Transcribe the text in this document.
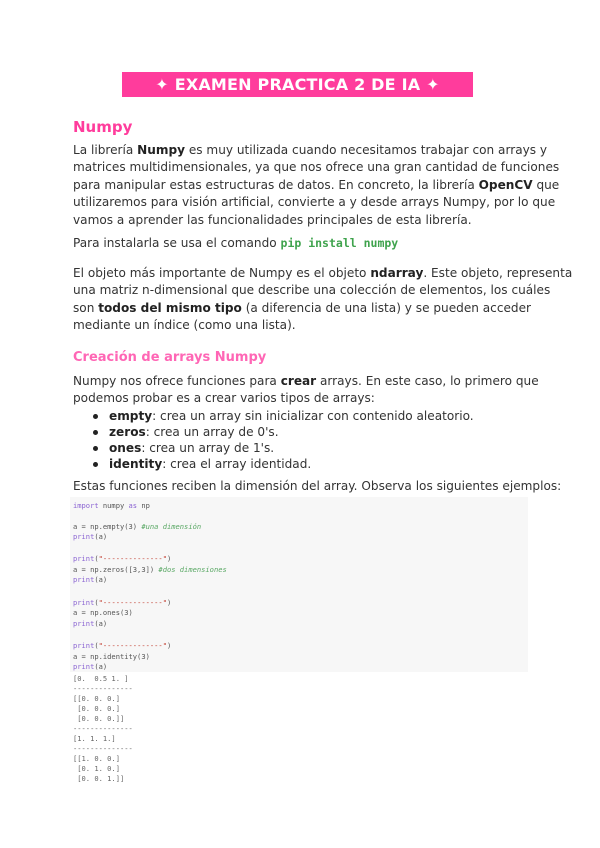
✦
EXAMEN PRACTICA 2 DE IA
✦
Numpy
La librería Numpy es muy utilizada cuando necesitamos trabajar con arrays y
matrices multidimensionales, ya que nos ofrece una gran cantidad de funciones
para manipular estas estructuras de datos. En concreto, la librería OpenCV que
utilizaremos para visión artificial, convierte a y desde arrays Numpy, por lo que
vamos a aprender las funcionalidades principales de esta librería.
Para instalarla se usa el comando pip install numpy
El objeto más importante de Numpy es el objeto ndarray. Este objeto, representa
una matriz n-dimensional que describe una colección de elementos, los cuáles
son todos del mismo tipo (a diferencia de una lista) y se pueden acceder
mediante un índice (como una lista).
Creación de arrays Numpy
Numpy nos ofrece funciones para crear arrays. En este caso, lo primero que
podemos probar es a crear varios tipos de arrays:
empty : crea un array sin inicializar con contenido aleatorio.
zeros : crea un array de 0's.
ones : crea un array de 1's.
identity : crea el array identidad.
Estas funciones reciben la dimensión del array. Observa los siguientes ejemplos:
import numpy as np
a = np.empty(3) #una dimensión
print(a)
print("--------------")
a = np.zeros([3,3]) #dos dimensiones
print(a)
print("--------------")
a = np.ones(3)
print(a)
print("--------------")
a = np.identity(3)
print(a)
[0.  0.5 1. ]
--------------
[[0. 0. 0.]
[0. 0. 0.]
[0. 0. 0.]]
--------------
[1. 1. 1.]
--------------
[[1. 0. 0.]
[0. 1. 0.]
[0. 0. 1.]]
